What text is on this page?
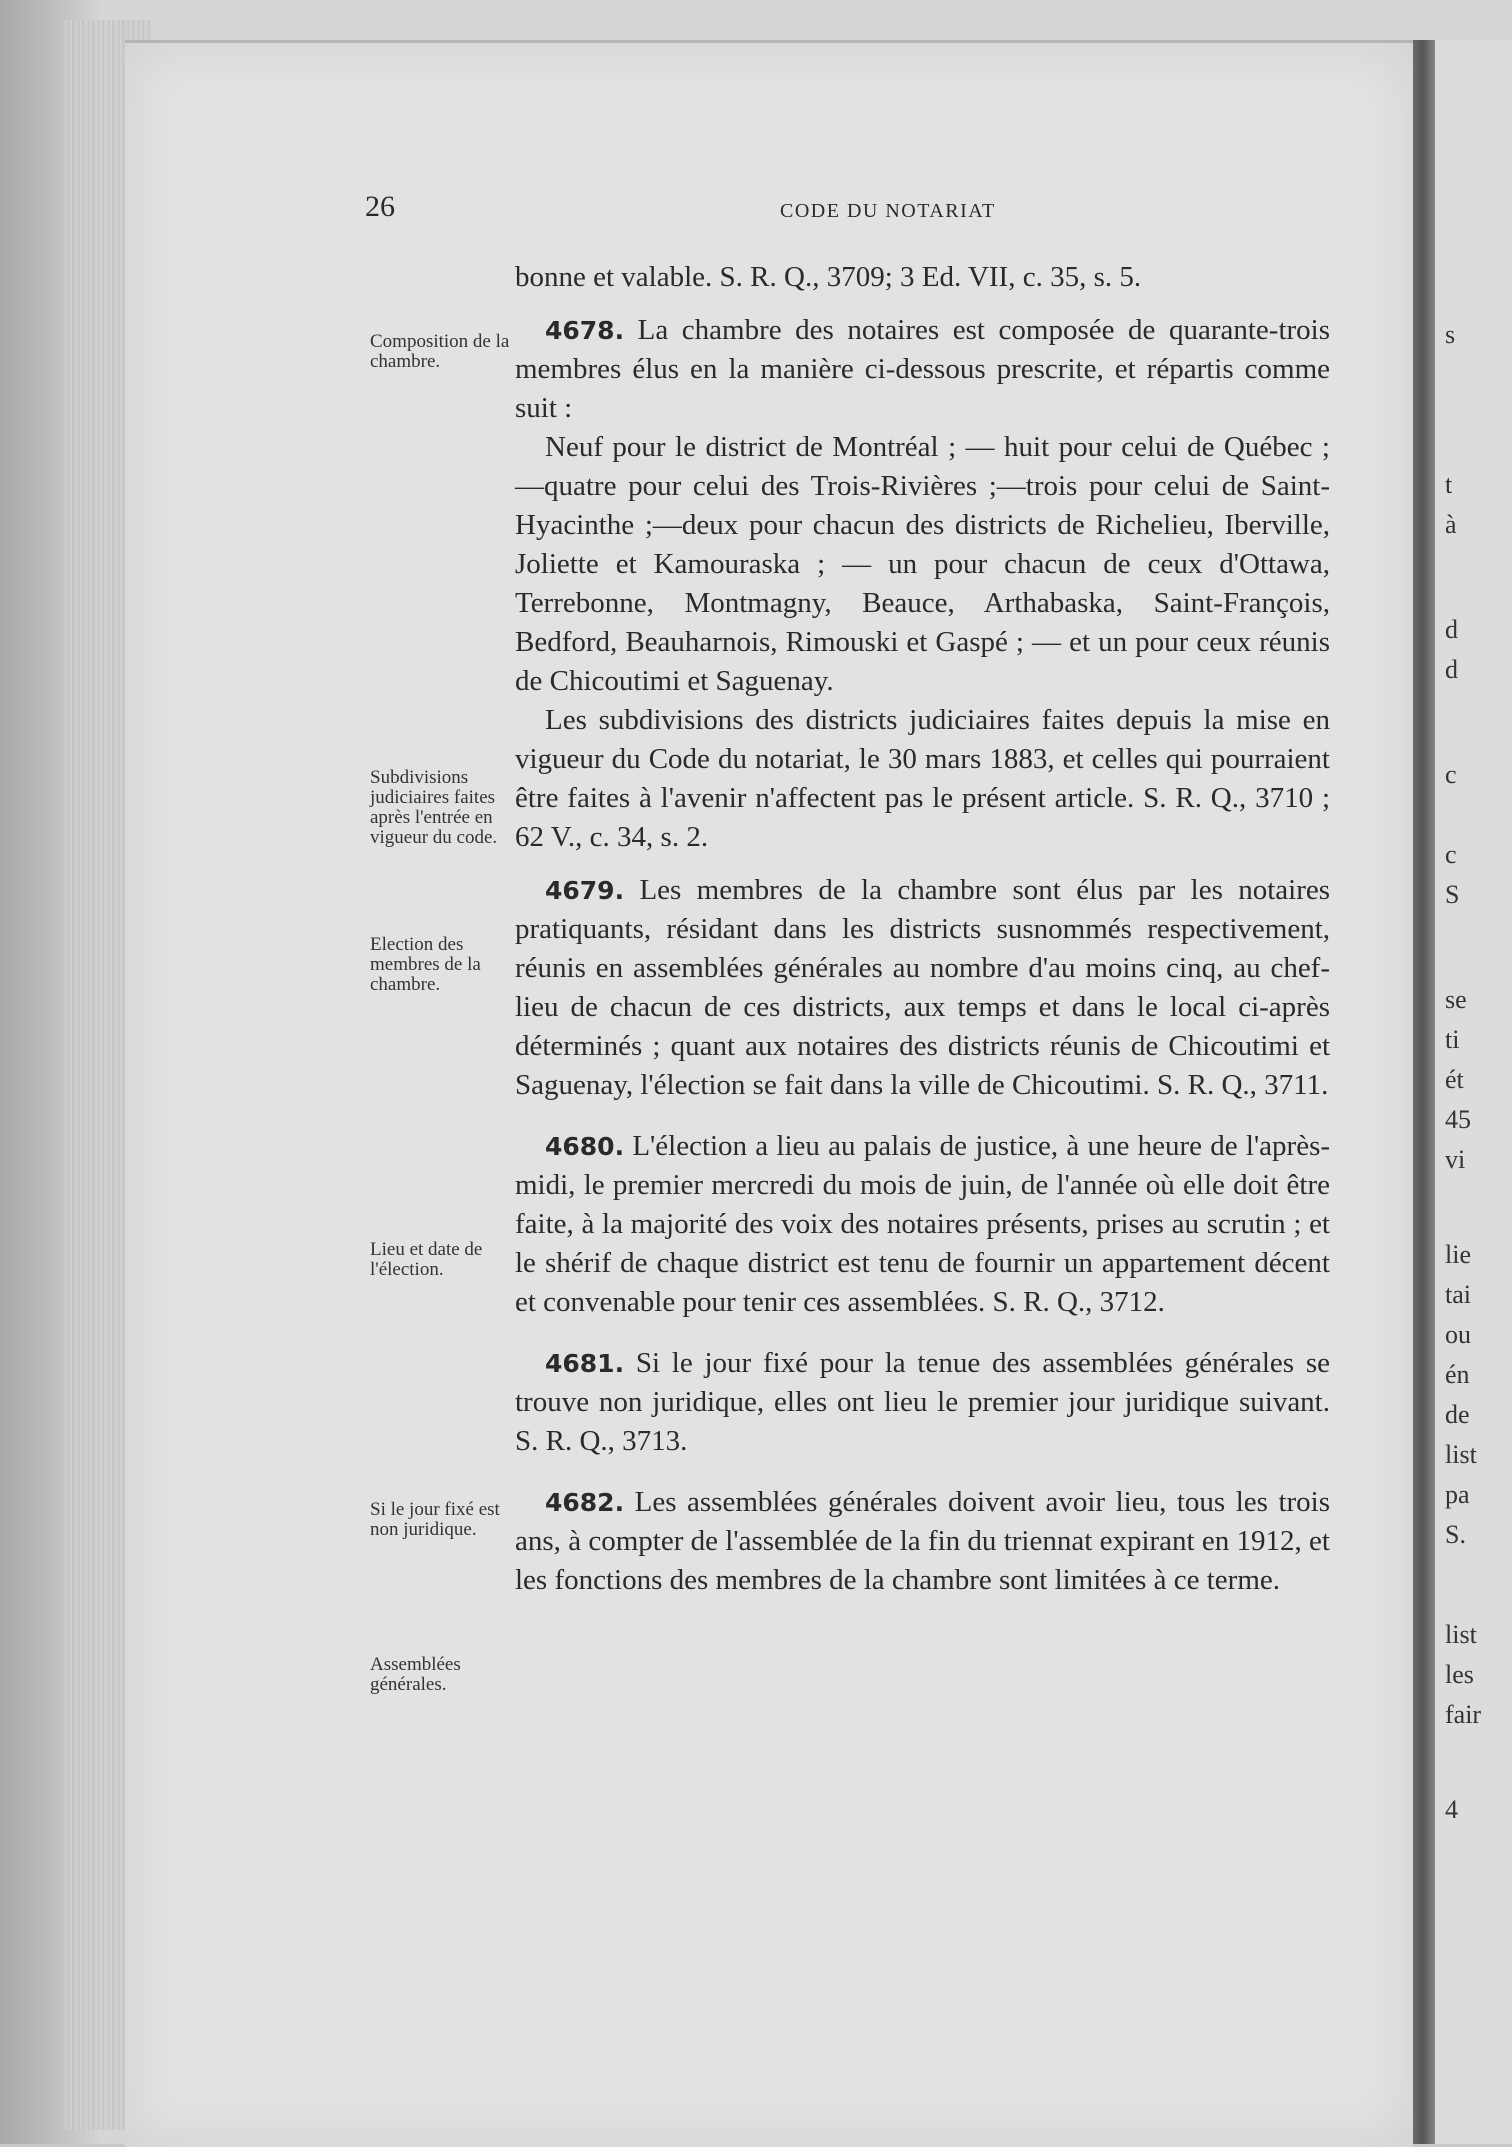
s
t
à
d
d
c
c
S
se
ti
ét
45
vi
lie
tai
ou
én
de
list
pa
S.
list
les
fair
4
26	CODE DU NOTARIAT
Composition de la chambre.
Subdivisions judiciaires faites après l'entrée en vigueur du code.
Election des membres de la chambre.
Lieu et date de l'élection.
Si le jour fixé est non juridique.
Assemblées générales.

bonne et valable. S. R. Q., 3709; 3 Ed. VII, c. 35, s. 5.

4678. La chambre des notaires est composée de quarante-trois membres élus en la manière ci-dessous prescrite, et répartis comme suit :

Neuf pour le district de Montréal ; — huit pour celui de Québec ;—quatre pour celui des Trois-Rivières ;—trois pour celui de Saint-Hyacinthe ;—deux pour chacun des districts de Richelieu, Iberville, Joliette et Kamouraska ; — un pour chacun de ceux d'Ottawa, Terrebonne, Montmagny, Beauce, Arthabaska, Saint-François, Bedford, Beauharnois, Rimouski et Gaspé ; — et un pour ceux réunis de Chicoutimi et Saguenay.

Les subdivisions des districts judiciaires faites depuis la mise en vigueur du Code du notariat, le 30 mars 1883, et celles qui pourraient être faites à l'avenir n'affectent pas le présent article. S. R. Q., 3710 ; 62 V., c. 34, s. 2.

4679. Les membres de la chambre sont élus par les notaires pratiquants, résidant dans les districts susnommés respectivement, réunis en assemblées générales au nombre d'au moins cinq, au chef-lieu de chacun de ces districts, aux temps et dans le local ci-après déterminés ; quant aux notaires des districts réunis de Chicoutimi et Saguenay, l'élection se fait dans la ville de Chicoutimi. S. R. Q., 3711.

4680. L'élection a lieu au palais de justice, à une heure de l'après-midi, le premier mercredi du mois de juin, de l'année où elle doit être faite, à la majorité des voix des notaires présents, prises au scrutin ; et le shérif de chaque district est tenu de fournir un appartement décent et convenable pour tenir ces assemblées. S. R. Q., 3712.

4681. Si le jour fixé pour la tenue des assemblées générales se trouve non juridique, elles ont lieu le premier jour juridique suivant. S. R. Q., 3713.

4682. Les assemblées générales doivent avoir lieu, tous les trois ans, à compter de l'assemblée de la fin du triennat expirant en 1912, et les fonctions des membres de la chambre sont limitées à ce terme.
